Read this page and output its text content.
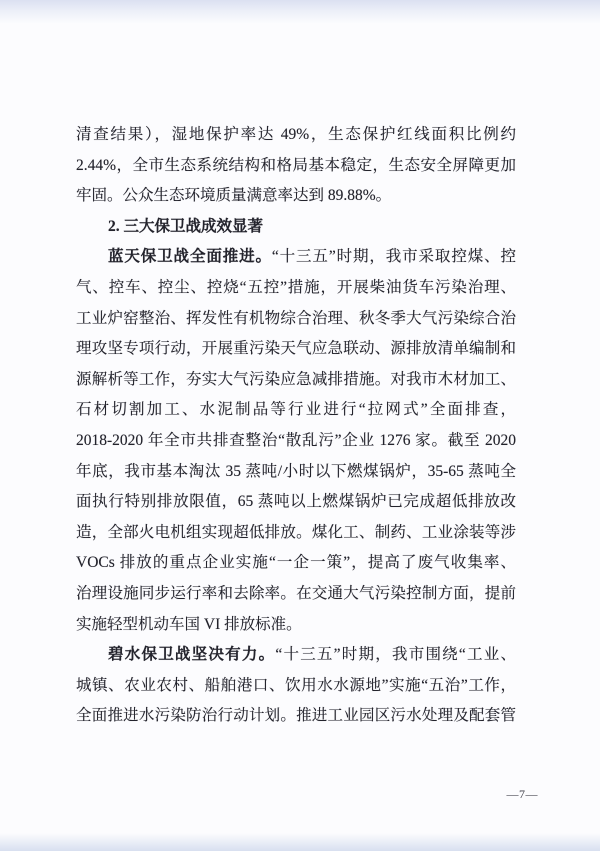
清查结果），湿地保护率达 49%，生态保护红线面积比例约
2.44%，全市生态系统结构和格局基本稳定，生态安全屏障更加
牢固。公众生态环境质量满意率达到 89.88%。
2. 三大保卫战成效显著
蓝天保卫战全面推进。“十三五”时期，我市采取控煤、控
气、控车、控尘、控烧“五控”措施，开展柴油货车污染治理、
工业炉窑整治、挥发性有机物综合治理、秋冬季大气污染综合治
理攻坚专项行动，开展重污染天气应急联动、源排放清单编制和
源解析等工作，夯实大气污染应急减排措施。对我市木材加工、
石材切割加工、水泥制品等行业进行“拉网式”全面排查，
2018-2020 年全市共排查整治“散乱污”企业 1276 家。截至 2020
年底，我市基本淘汰 35 蒸吨/小时以下燃煤锅炉，35-65 蒸吨全
面执行特别排放限值，65 蒸吨以上燃煤锅炉已完成超低排放改
造，全部火电机组实现超低排放。煤化工、制药、工业涂装等涉
VOCs 排放的重点企业实施“一企一策”，提高了废气收集率、
治理设施同步运行率和去除率。在交通大气污染控制方面，提前
实施轻型机动车国 VI 排放标准。
碧水保卫战坚决有力。“十三五”时期，我市围绕“工业、
城镇、农业农村、船舶港口、饮用水水源地”实施“五治”工作，
全面推进水污染防治行动计划。推进工业园区污水处理及配套管
—7—
